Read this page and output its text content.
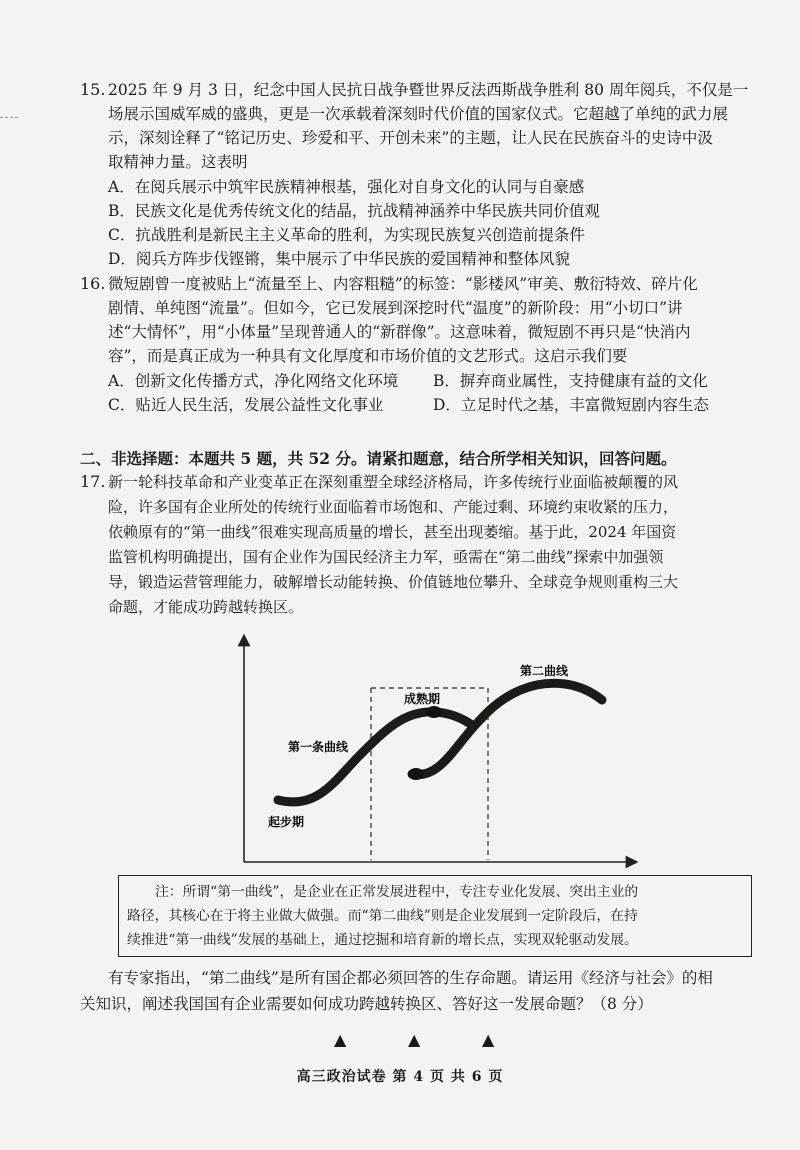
15. 2025 年 9 月 3 日，纪念中国人民抗日战争暨世界反法西斯战争胜利 80 周年阅兵，不仅是一
场展示国威军威的盛典，更是一次承载着深刻时代价值的国家仪式。它超越了单纯的武力展
示，深刻诠释了“铭记历史、珍爱和平、开创未来”的主题，让人民在民族奋斗的史诗中汲
取精神力量。这表明
A．在阅兵展示中筑牢民族精神根基，强化对自身文化的认同与自豪感
B．民族文化是优秀传统文化的结晶，抗战精神涵养中华民族共同价值观
C．抗战胜利是新民主主义革命的胜利，为实现民族复兴创造前提条件
D．阅兵方阵步伐铿锵，集中展示了中华民族的爱国精神和整体风貌
16. 微短剧曾一度被贴上“流量至上、内容粗糙”的标签：“影楼风”审美、敷衍特效、碎片化
剧情、单纯图“流量”。但如今，它已发展到深挖时代“温度”的新阶段：用“小切口”讲
述“大情怀”，用“小体量”呈现普通人的“新群像”。这意味着，微短剧不再只是“快消内
容”，而是真正成为一种具有文化厚度和市场价值的文艺形式。这启示我们要
A．创新文化传播方式，净化网络文化环境 B．摒弃商业属性，支持健康有益的文化
C．贴近人民生活，发展公益性文化事业	D．立足时代之基，丰富微短剧内容生态
二、非选择题：本题共 5 题，共 52 分。请紧扣题意，结合所学相关知识，回答问题。
17. 新一轮科技革命和产业变革正在深刻重塑全球经济格局，许多传统行业面临被颠覆的风
险，许多国有企业所处的传统行业面临着市场饱和、产能过剩、环境约束收紧的压力，
依赖原有的“第一曲线”很难实现高质量的增长，甚至出现萎缩。基于此，2024 年国资
监管机构明确提出，国有企业作为国民经济主力军，亟需在“第二曲线”探索中加强领
导，锻造运营管理能力，破解增长动能转换、价值链地位攀升、全球竞争规则重构三大
命题，才能成功跨越转换区。
第一条曲线
第二曲线
成熟期
起步期
注：所谓“第一曲线”，是企业在正常发展进程中，专注专业化发展、突出主业的
路径，其核心在于将主业做大做强。而“第二曲线”则是企业发展到一定阶段后，在持
续推进“第一曲线”发展的基础上，通过挖掘和培育新的增长点，实现双轮驱动发展。
有专家指出，“第二曲线”是所有国企都必须回答的生存命题。请运用《经济与社会》的相
关知识，阐述我国国有企业需要如何成功跨越转换区、答好这一发展命题？（8 分）
▲	▲	▲
高三政治试卷 第 4 页 共 6 页
